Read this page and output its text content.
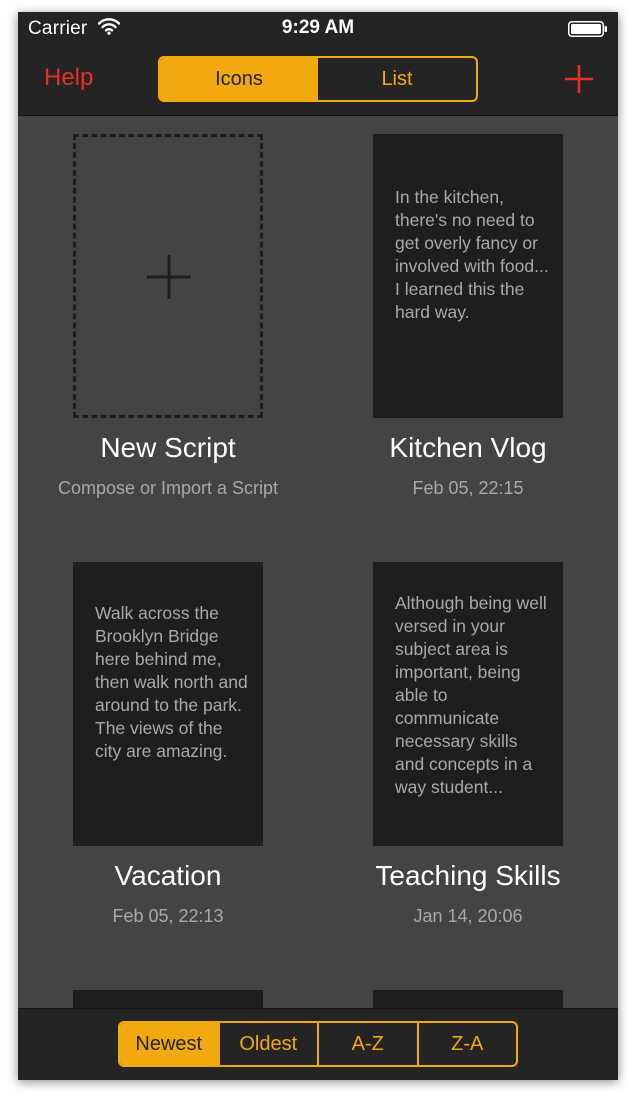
Carrier	9:29 AM
Help	Icons	List
New Script
Compose or Import a Script
In the kitchen, there's no need to get overly fancy or involved with food... I learned this the hard way.
Kitchen Vlog
Feb 05, 22:15
Walk across the Brooklyn Bridge here behind me, then walk north and around to the park. The views of the city are amazing.
Vacation
Feb 05, 22:13
Although being well versed in your subject area is important, being able to communicate necessary skills and concepts in a way student...
Teaching Skills
Jan 14, 20:06
Newest	Oldest	A-Z	Z-A
